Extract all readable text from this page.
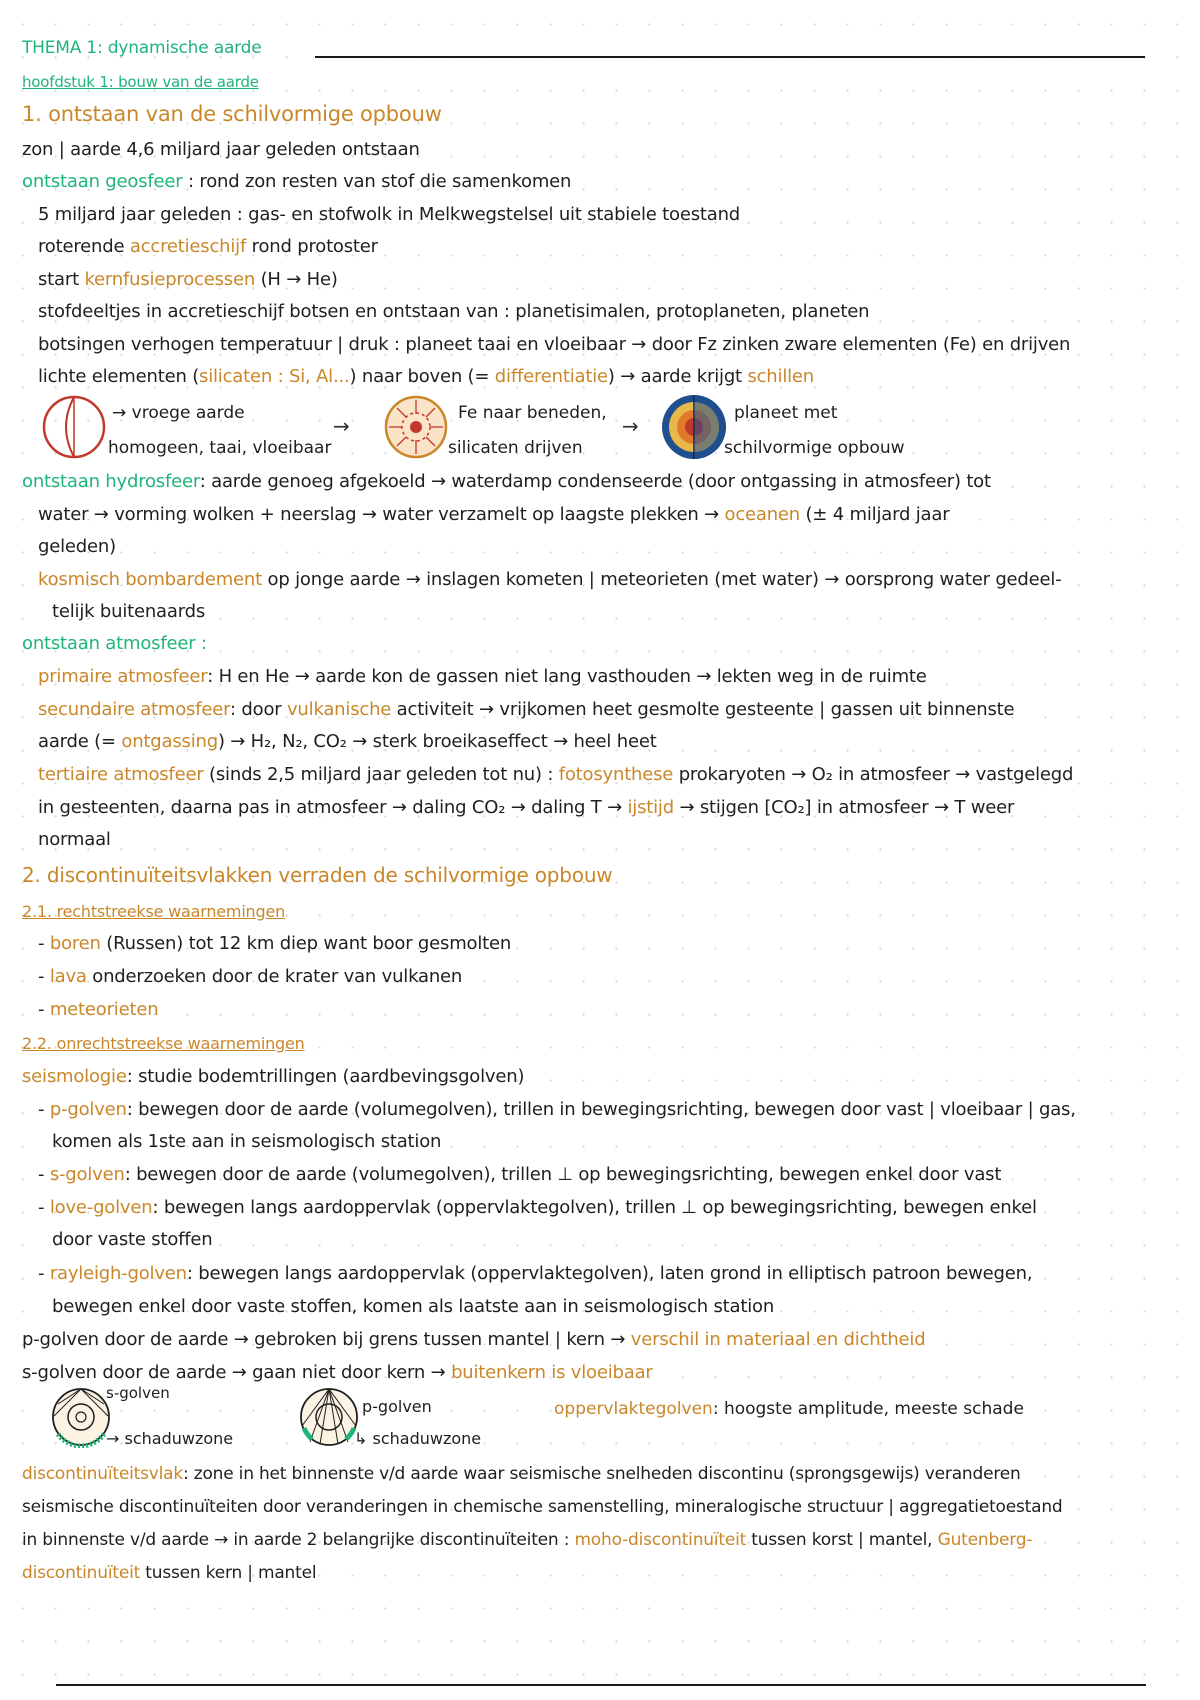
THEMA 1: dynamische aarde
hoofdstuk 1: bouw van de aarde
1. ontstaan van de schilvormige opbouw
zon | aarde 4,6 miljard jaar geleden ontstaan
ontstaan geosfeer : rond zon resten van stof die samenkomen
5 miljard jaar geleden : gas- en stofwolk in Melkwegstelsel uit stabiele toestand
roterende accretieschijf rond protoster
start kernfusieprocessen (H → He)
stofdeeltjes in accretieschijf botsen en ontstaan van : planetisimalen, protoplaneten, planeten
botsingen verhogen temperatuur | druk : planeet taai en vloeibaar → door Fz zinken zware elementen (Fe) en drijven
lichte elementen (silicaten : Si, Al...) naar boven (= differentiatie) → aarde krijgt schillen
→ vroege aarde
homogeen, taai, vloeibaar
→
Fe naar beneden,
silicaten drijven
→
planeet met
schilvormige opbouw
ontstaan hydrosfeer: aarde genoeg afgekoeld → waterdamp condenseerde (door ontgassing in atmosfeer) tot
water → vorming wolken + neerslag → water verzamelt op laagste plekken → oceanen (± 4 miljard jaar
geleden)
kosmisch bombardement op jonge aarde → inslagen kometen | meteorieten (met water) → oorsprong water gedeel-
telijk buitenaards
ontstaan atmosfeer :
primaire atmosfeer: H en He → aarde kon de gassen niet lang vasthouden → lekten weg in de ruimte
secundaire atmosfeer: door vulkanische activiteit → vrijkomen heet gesmolte gesteente | gassen uit binnenste
aarde (= ontgassing) → H₂, N₂, CO₂ → sterk broeikaseffect → heel heet
tertiaire atmosfeer (sinds 2,5 miljard jaar geleden tot nu) : fotosynthese prokaryoten → O₂ in atmosfeer → vastgelegd
in gesteenten, daarna pas in atmosfeer → daling CO₂ → daling T → ijstijd → stijgen [CO₂] in atmosfeer → T weer
normaal
2. discontinuïteitsvlakken verraden de schilvormige opbouw
2.1. rechtstreekse waarnemingen
- boren (Russen) tot 12 km diep want boor gesmolten
- lava onderzoeken door de krater van vulkanen
- meteorieten
2.2. onrechtstreekse waarnemingen
seismologie: studie bodemtrillingen (aardbevingsgolven)
- p-golven: bewegen door de aarde (volumegolven), trillen in bewegingsrichting, bewegen door vast | vloeibaar | gas,
komen als 1ste aan in seismologisch station
- s-golven: bewegen door de aarde (volumegolven), trillen ⊥ op bewegingsrichting, bewegen enkel door vast
- love-golven: bewegen langs aardoppervlak (oppervlaktegolven), trillen ⊥ op bewegingsrichting, bewegen enkel
door vaste stoffen
- rayleigh-golven: bewegen langs aardoppervlak (oppervlaktegolven), laten grond in elliptisch patroon bewegen,
bewegen enkel door vaste stoffen, komen als laatste aan in seismologisch station
p-golven door de aarde → gebroken bij grens tussen mantel | kern → verschil in materiaal en dichtheid
s-golven door de aarde → gaan niet door kern → buitenkern is vloeibaar
s-golven
→ schaduwzone
p-golven
↳ schaduwzone
oppervlaktegolven: hoogste amplitude, meeste schade
discontinuïteitsvlak: zone in het binnenste v/d aarde waar seismische snelheden discontinu (sprongsgewijs) veranderen
seismische discontinuïteiten door veranderingen in chemische samenstelling, mineralogische structuur | aggregatietoestand
in binnenste v/d aarde → in aarde 2 belangrijke discontinuïteiten : moho-discontinuïteit tussen korst | mantel, Gutenberg-
discontinuïteit tussen kern | mantel
